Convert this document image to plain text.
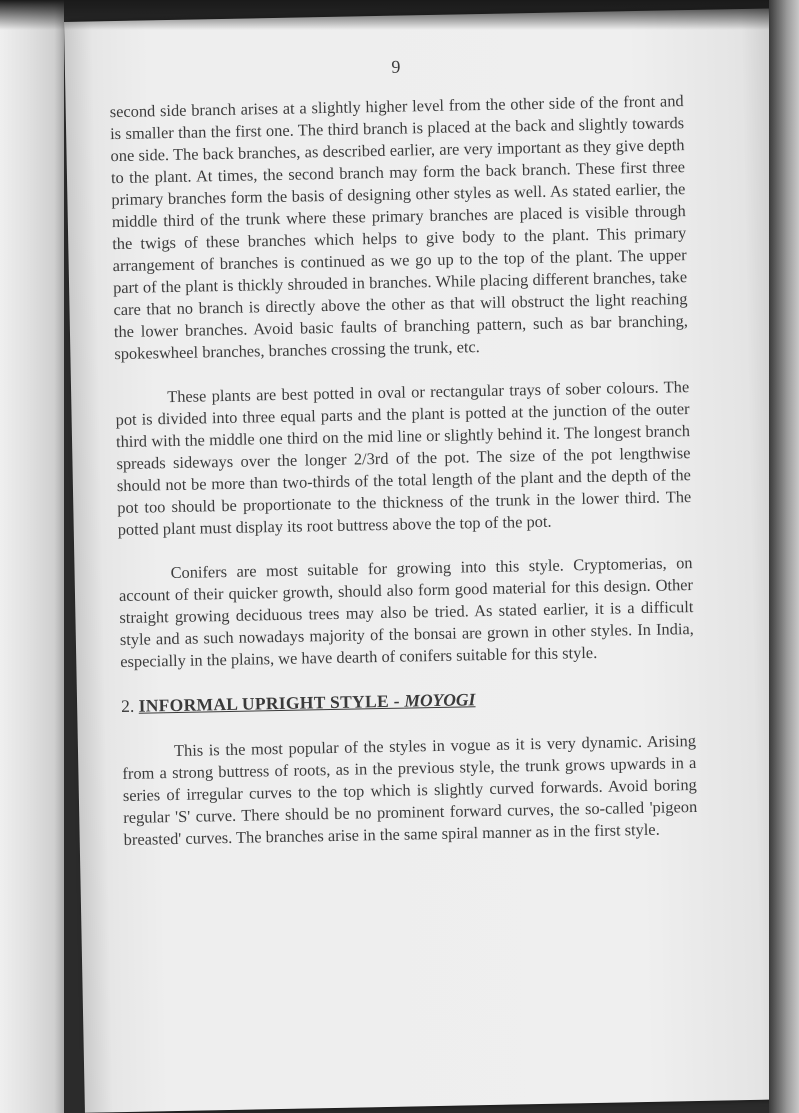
9

second side branch arises at a slightly higher level from the other side of the front and is smaller than the first one. The third branch is placed at the back and slightly towards one side. The back branches, as described earlier, are very important as they give depth to the plant. At times, the second branch may form the back branch. These first three primary branches form the basis of designing other styles as well. As stated earlier, the middle third of the trunk where these primary branches are placed is visible through the twigs of these branches which helps to give body to the plant. This primary arrangement of branches is continued as we go up to the top of the plant. The upper part of the plant is thickly shrouded in branches. While placing different branches, take care that no branch is directly above the other as that will obstruct the light reaching the lower branches. Avoid basic faults of branching pattern, such as bar branching, spokeswheel branches, branches crossing the trunk, etc.

These plants are best potted in oval or rectangular trays of sober colours. The pot is divided into three equal parts and the plant is potted at the junction of the outer third with the middle one third on the mid line or slightly behind it. The longest branch spreads sideways over the longer 2/3rd of the pot. The size of the pot lengthwise should not be more than two-thirds of the total length of the plant and the depth of the pot too should be proportionate to the thickness of the trunk in the lower third. The potted plant must display its root buttress above the top of the pot.

Conifers are most suitable for growing into this style. Cryptomerias, on account of their quicker growth, should also form good material for this design. Other straight growing deciduous trees may also be tried. As stated earlier, it is a difficult style and as such nowadays majority of the bonsai are grown in other styles. In India, especially in the plains, we have dearth of conifers suitable for this style.

2. INFORMAL UPRIGHT STYLE - MOYOGI

This is the most popular of the styles in vogue as it is very dynamic. Arising from a strong buttress of roots, as in the previous style, the trunk grows upwards in a series of irregular curves to the top which is slightly curved forwards. Avoid boring regular 'S' curve. There should be no prominent forward curves, the so-called 'pigeon breasted' curves. The branches arise in the same spiral manner as in the first style.
